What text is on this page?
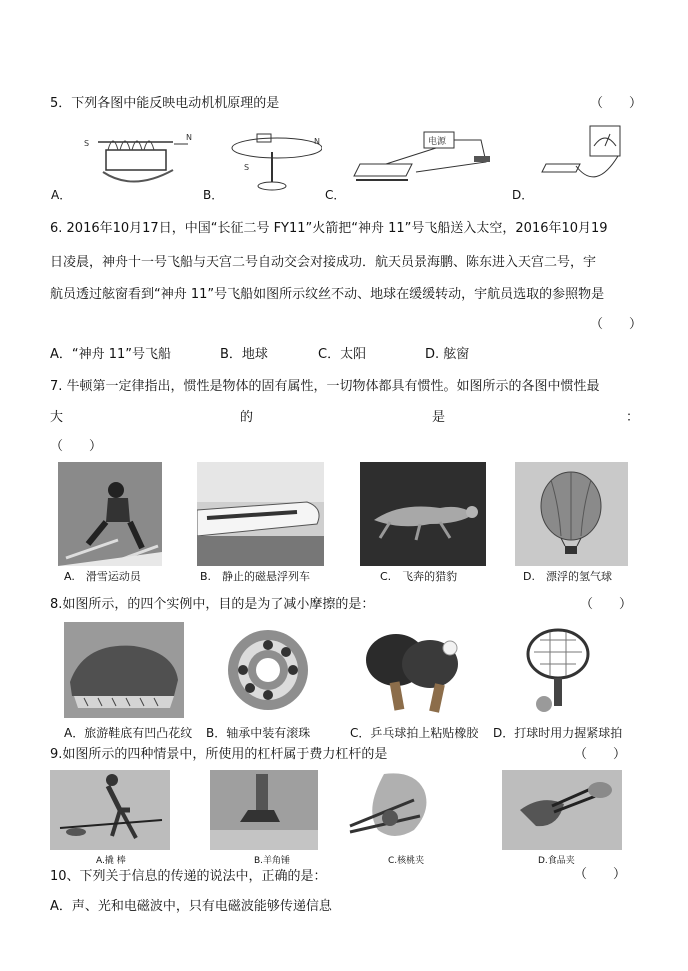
5．下列各图中能反映电动机机原理的是	（　　）
S
N	N
S
电源
A．	B．	C．	D．
6. 2016年10月17日，中国“长征二号 FY11”火箭把“神舟 11”号飞船送入太空，2016年10月19
日凌晨，神舟十一号飞船与天宫二号自动交会对接成功．航天员景海鹏、陈东进入天宫二号，宇
航员透过舷窗看到“神舟 11”号飞船如图所示纹丝不动、地球在缓缓转动，宇航员选取的参照物是
（　　）
A．“神舟 11”号飞船	B．地球	C．太阳	D. 舷窗
7. 牛顿第一定律指出，惯性是物体的固有属性，一切物体都具有惯性。如图所示的各图中惯性最
大	的	是	：
（　　）
A.　滑雪运动员	B.　静止的磁悬浮列车	C.　飞奔的猎豹	D.　漂浮的氢气球
8.如图所示，的四个实例中，目的是为了减小摩擦的是：	（　　）
A．旅游鞋底有凹凸花纹 B．轴承中装有滚珠	C．乒乓球拍上粘贴橡胶 D．打球时用力握紧球拍
9.如图所示的四种情景中，所使用的杠杆属于费力杠杆的是	（　　）
A.撬 棒	B.羊角锤	C.核桃夹	D.食品夹
10、下列关于信息的传递的说法中，正确的是：	（　　）
A．声、光和电磁波中，只有电磁波能够传递信息
